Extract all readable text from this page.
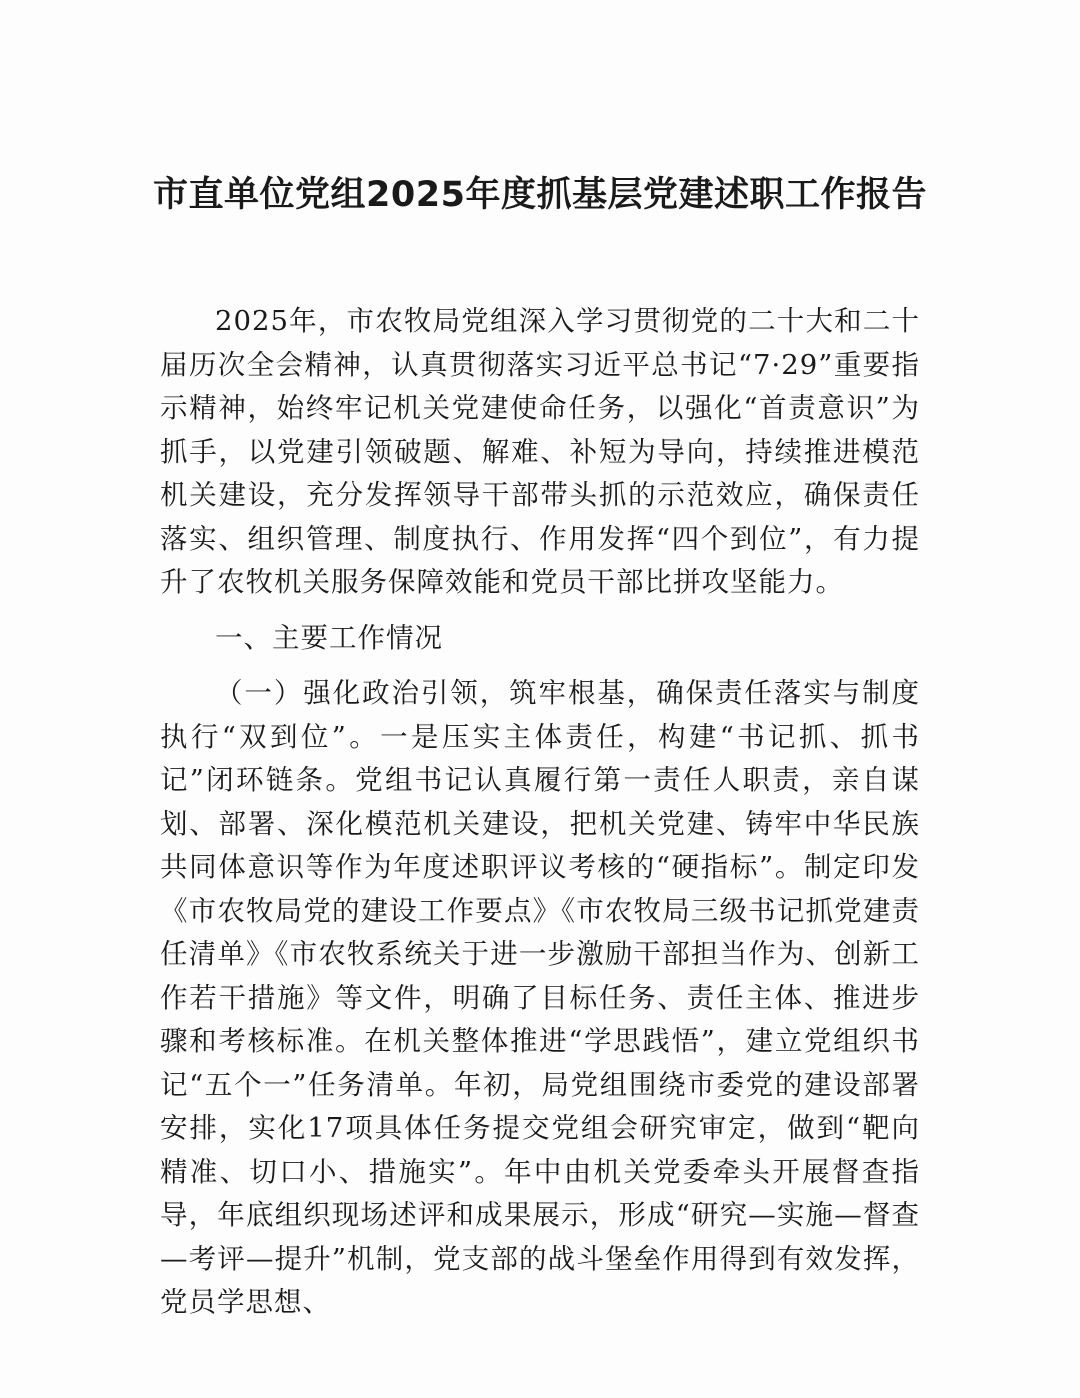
市直单位党组2025年度抓基层党建述职工作报告

2025年，市农牧局党组深入学习贯彻党的二十大和二十届历次全会精神，认真贯彻落实习近平总书记“7·29”重要指示精神，始终牢记机关党建使命任务，以强化“首责意识”为抓手，以党建引领破题、解难、补短为导向，持续推进模范机关建设，充分发挥领导干部带头抓的示范效应，确保责任落实、组织管理、制度执行、作用发挥“四个到位”，有力提升了农牧机关服务保障效能和党员干部比拼攻坚能力。

一、主要工作情况

（一）强化政治引领，筑牢根基，确保责任落实与制度执行“双到位”。一是压实主体责任，构建“书记抓、抓书记”闭环链条。党组书记认真履行第一责任人职责，亲自谋划、部署、深化模范机关建设，把机关党建、铸牢中华民族共同体意识等作为年度述职评议考核的“硬指标”。制定印发《市农牧局党的建设工作要点》《市农牧局三级书记抓党建责任清单》《市农牧系统关于进一步激励干部担当作为、创新工作若干措施》等文件，明确了目标任务、责任主体、推进步骤和考核标准。在机关整体推进“学思践悟”，建立党组织书记“五个一”任务清单。年初，局党组围绕市委党的建设部署安排，实化17项具体任务提交党组会研究审定，做到“靶向精准、切口小、措施实”。年中由机关党委牵头开展督查指导，年底组织现场述评和成果展示，形成“研究—实施—督查—考评—提升”机制，党支部的战斗堡垒作用得到有效发挥，党员学思想、
